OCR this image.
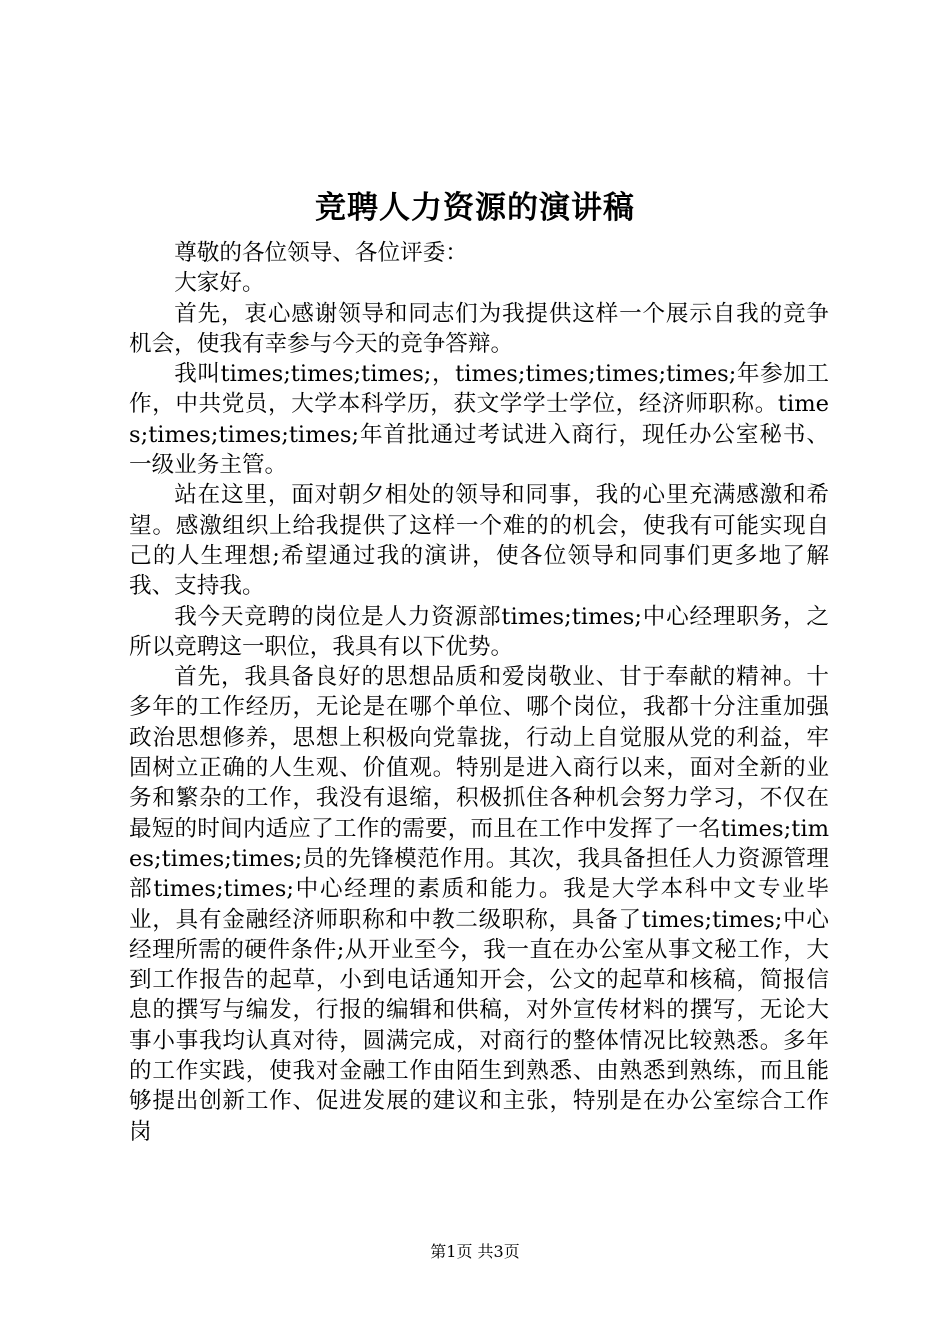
竞聘人力资源的演讲稿

尊敬的各位领导、各位评委：

大家好。

首先，衷心感谢领导和同志们为我提供这样一个展示自我的竞争机会，使我有幸参与今天的竞争答辩。

我叫times;times;times;，times;times;times;times;年参加工作，中共党员，大学本科学历，获文学学士学位，经济师职称。times;times;times;times;年首批通过考试进入商行，现任办公室秘书、一级业务主管。

站在这里，面对朝夕相处的领导和同事，我的心里充满感激和希望。感激组织上给我提供了这样一个难的的机会，使我有可能实现自己的人生理想;希望通过我的演讲，使各位领导和同事们更多地了解我、支持我。

我今天竞聘的岗位是人力资源部times;times;中心经理职务，之所以竞聘这一职位，我具有以下优势。

首先，我具备良好的思想品质和爱岗敬业、甘于奉献的精神。十多年的工作经历，无论是在哪个单位、哪个岗位，我都十分注重加强政治思想修养，思想上积极向党靠拢，行动上自觉服从党的利益，牢固树立正确的人生观、价值观。特别是进入商行以来，面对全新的业务和繁杂的工作，我没有退缩，积极抓住各种机会努力学习，不仅在最短的时间内适应了工作的需要，而且在工作中发挥了一名times;times;times;times;员的先锋模范作用。其次，我具备担任人力资源管理部times;times;中心经理的素质和能力。我是大学本科中文专业毕业，具有金融经济师职称和中教二级职称，具备了times;times;中心经理所需的硬件条件;从开业至今，我一直在办公室从事文秘工作，大到工作报告的起草，小到电话通知开会，公文的起草和核稿，简报信息的撰写与编发，行报的编辑和供稿，对外宣传材料的撰写，无论大事小事我均认真对待，圆满完成，对商行的整体情况比较熟悉。多年的工作实践，使我对金融工作由陌生到熟悉、由熟悉到熟练，而且能够提出创新工作、促进发展的建议和主张，特别是在办公室综合工作岗

第1页 共3页
